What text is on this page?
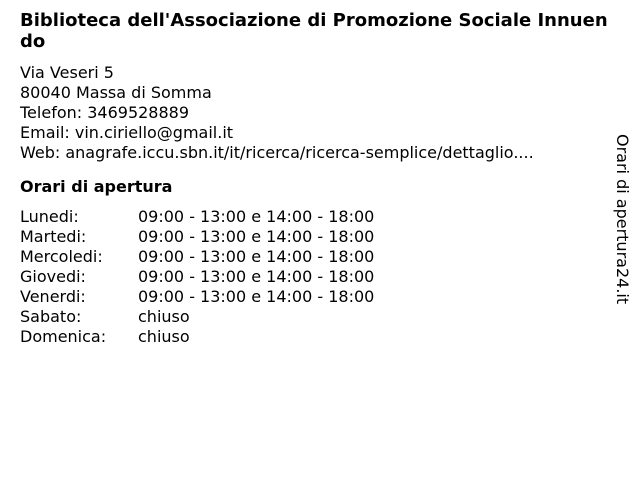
Biblioteca dell'Associazione di Promozione Sociale Innuendo
Via Veseri 5
80040 Massa di Somma
Telefon: 3469528889
Email: vin.ciriello@gmail.it
Web: anagrafe.iccu.sbn.it/it/ricerca/ricerca-semplice/dettaglio....
Orari di apertura
Lunedi:	09:00 - 13:00 e 14:00 - 18:00
Martedi:	09:00 - 13:00 e 14:00 - 18:00
Mercoledi:	09:00 - 13:00 e 14:00 - 18:00
Giovedi:	09:00 - 13:00 e 14:00 - 18:00
Venerdi:	09:00 - 13:00 e 14:00 - 18:00
Sabato:	chiuso
Domenica:	chiuso
Orari di apertura24.it
